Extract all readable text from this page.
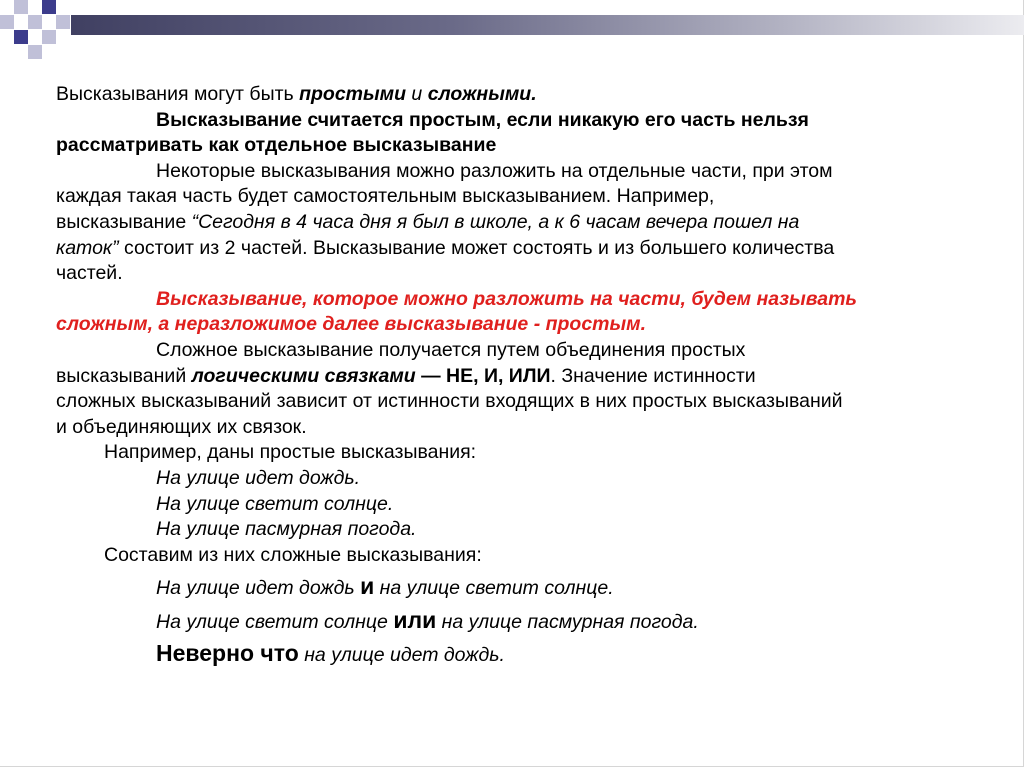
Высказывания могут быть простыми и сложными.

Высказывание считается простым, если никакую его часть нельзя

рассматривать как отдельное высказывание

Некоторые высказывания можно разложить на отдельные части, при этом

каждая такая часть будет самостоятельным высказыванием. Например,

высказывание “Сегодня в 4 часа дня я был в школе, а к 6 часам вечера пошел на

каток” состоит из 2 частей. Высказывание может состоять и из большего количества

частей.

Высказывание, которое можно разложить на части, будем называть

сложным, а неразложимое далее высказывание - простым.

Сложное высказывание получается путем объединения простых

высказываний логическими связками — НЕ, И, ИЛИ. Значение истинности

сложных высказываний зависит от истинности входящих в них простых высказываний

и объединяющих их связок.

Например, даны простые высказывания:

На улице идет дождь.

На улице светит солнце.

На улице пасмурная погода.

Составим из них сложные высказывания:

На улице идет дождь и на улице светит солнце.

На улице светит солнце или на улице пасмурная погода.

Неверно что на улице идет дождь.
